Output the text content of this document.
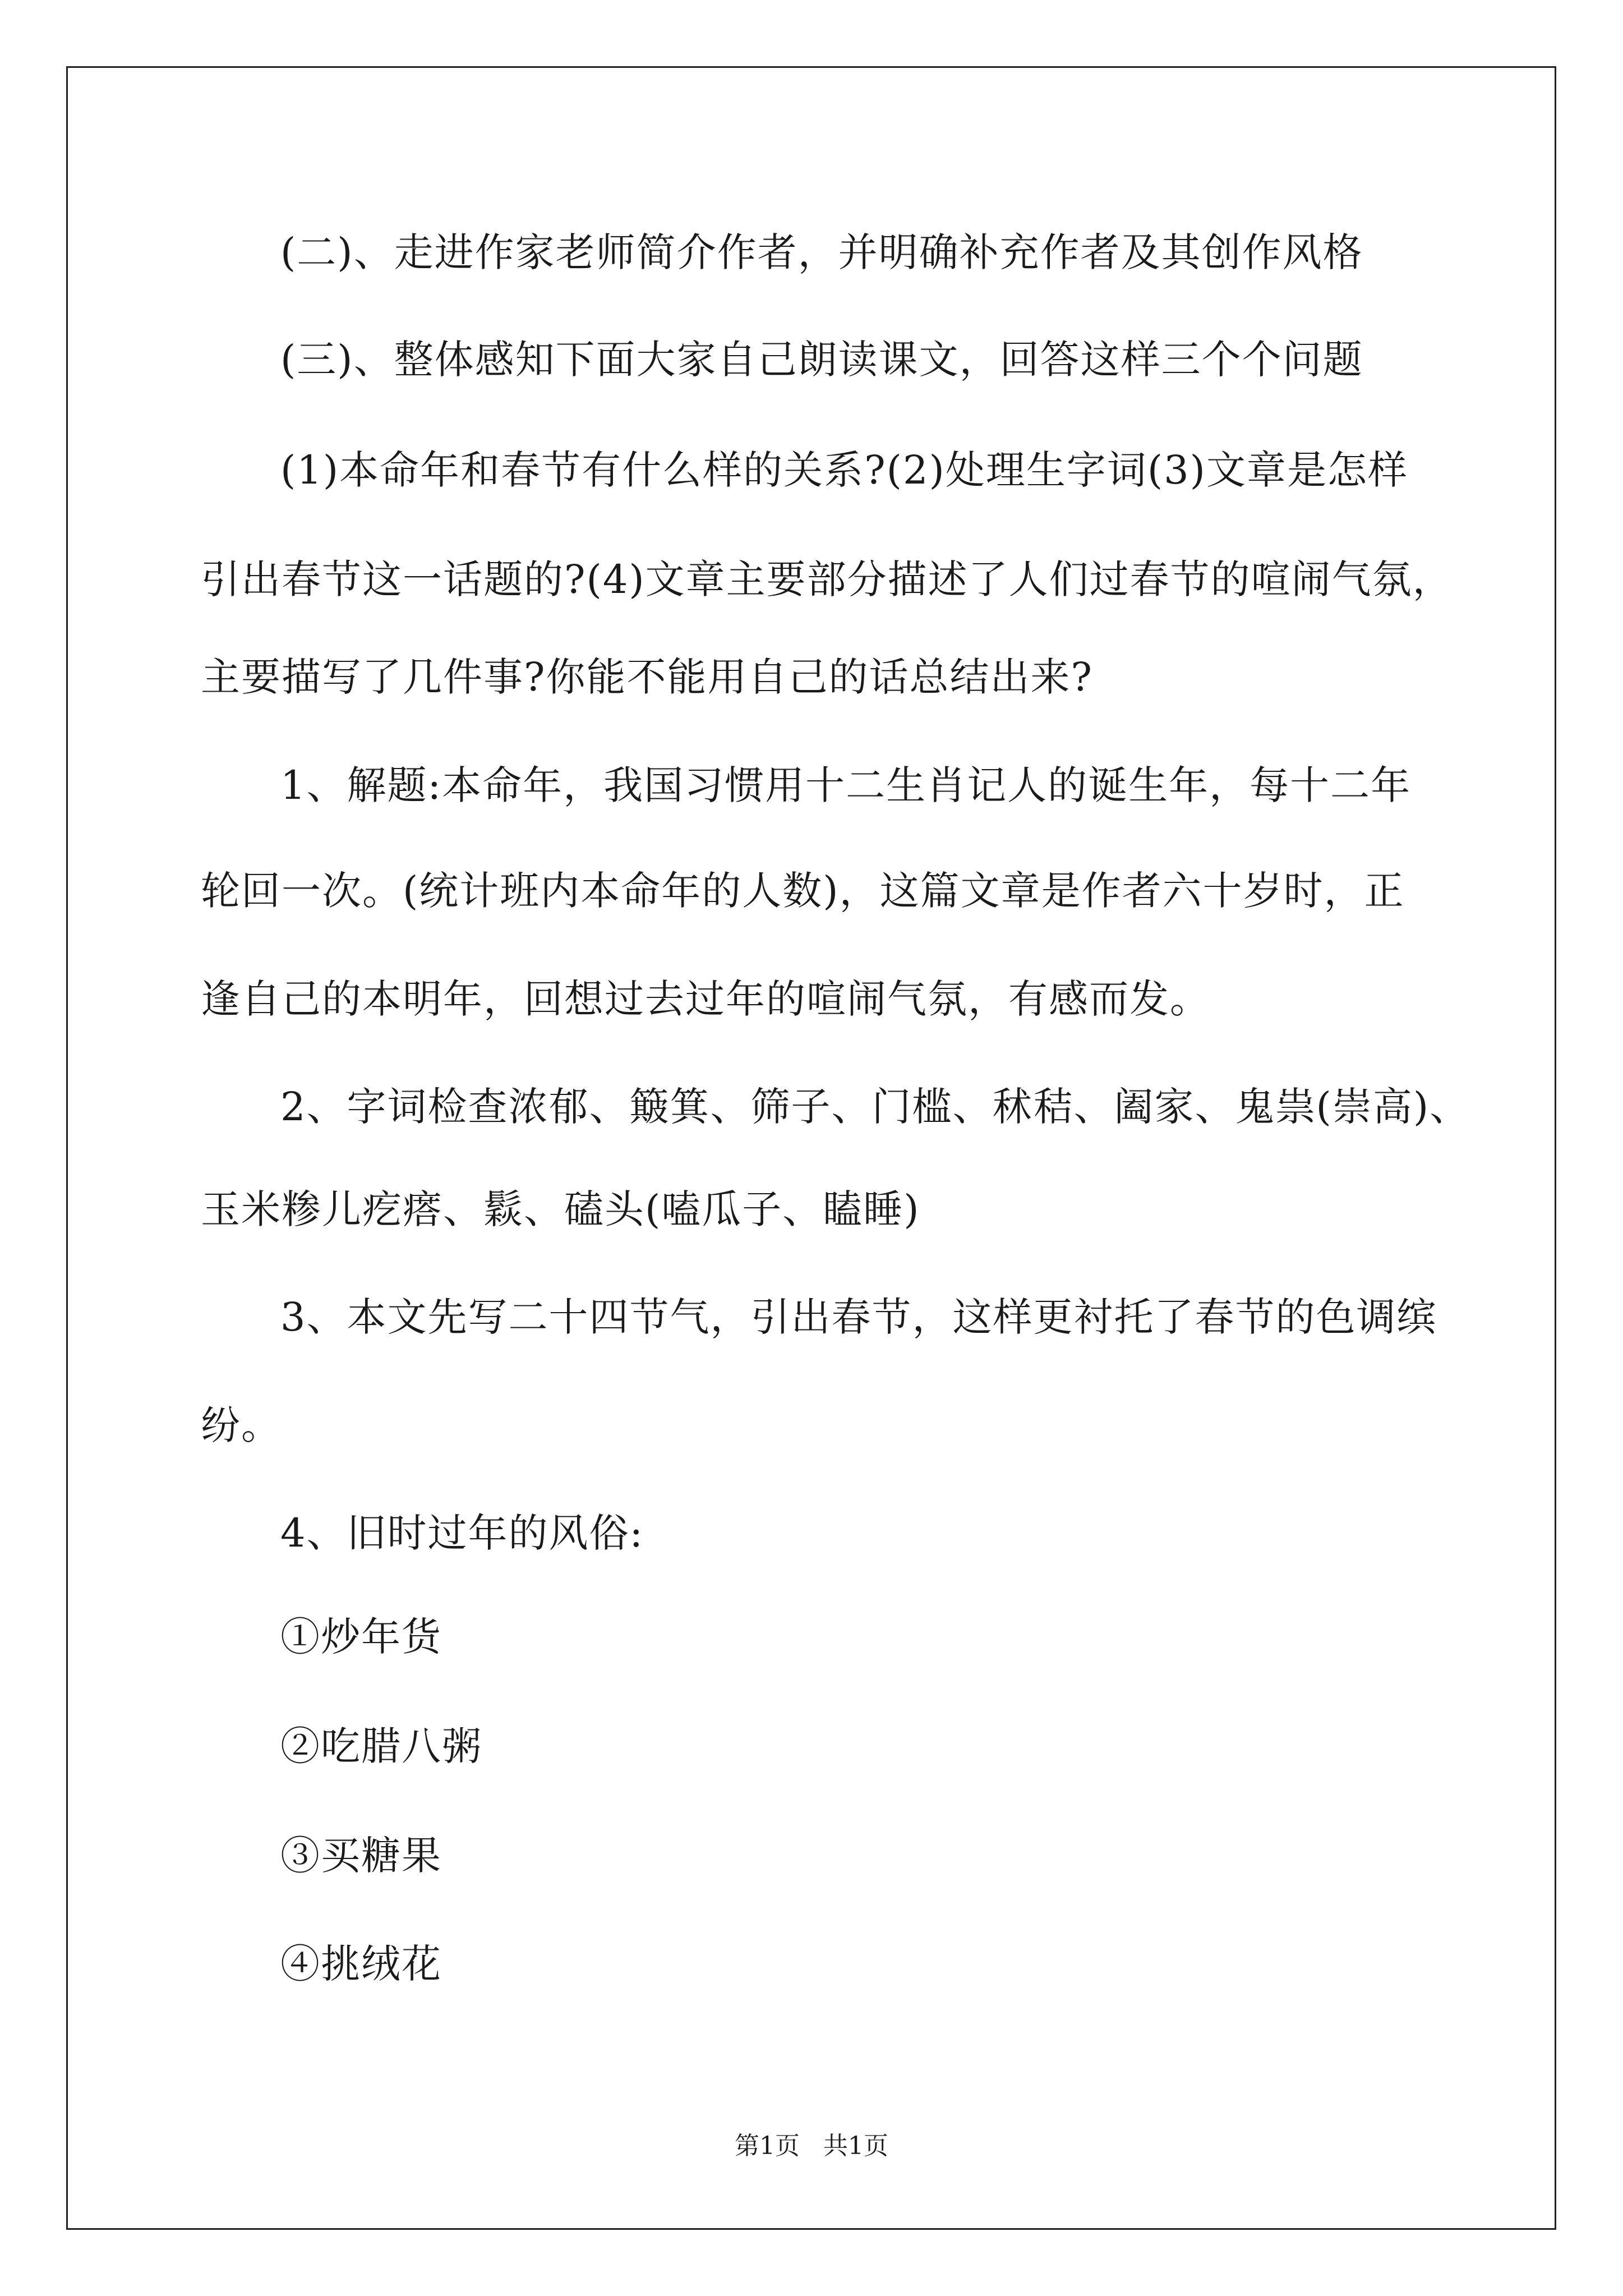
(二)、走进作家老师简介作者，并明确补充作者及其创作风格
(三)、整体感知下面大家自己朗读课文，回答这样三个个问题
(1)本命年和春节有什么样的关系?(2)处理生字词(3)文章是怎样
引出春节这一话题的?(4)文章主要部分描述了人们过春节的喧闹气氛，
主要描写了几件事?你能不能用自己的话总结出来?
1、解题:本命年，我国习惯用十二生肖记人的诞生年，每十二年
轮回一次。(统计班内本命年的人数)，这篇文章是作者六十岁时，正
逢自己的本明年，回想过去过年的喧闹气氛，有感而发。
2、字词检查浓郁、簸箕、筛子、门槛、秫秸、阖家、鬼祟(崇高)、
玉米糁儿疙瘩、鬏、磕头(嗑瓜子、瞌睡)
3、本文先写二十四节气，引出春节，这样更衬托了春节的色调缤
纷。
4、旧时过年的风俗:
①炒年货
②吃腊八粥
③买糖果
④挑绒花
第1页   共1页
